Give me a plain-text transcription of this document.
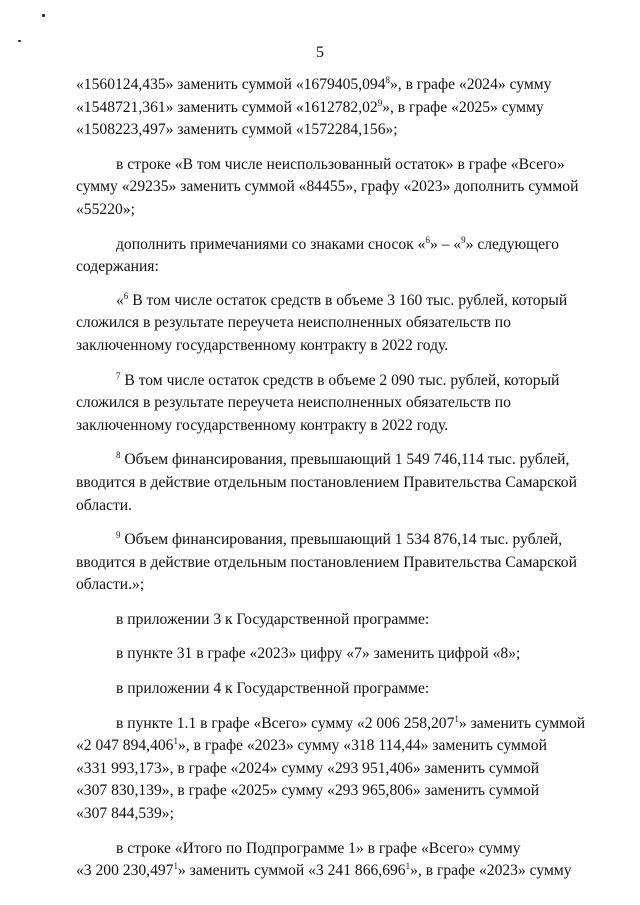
5

«1560124,435» заменить суммой «1679405,094$^8$», в графе «2024» сумму

«1548721,361» заменить суммой «1612782,02$^9$», в графе «2025» сумму

«1508223,497» заменить суммой «1572284,156»;

в строке «В том числе неиспользованный остаток» в графе «Всего»

сумму «29235» заменить суммой «84455», графу «2023» дополнить суммой

«55220»;

дополнить примечаниями со знаками сносок «$^6$» – «$^9$» следующего

содержания:

«$^6$ В том числе остаток средств в объеме 3 160 тыс. рублей, который

сложился в результате переучета неисполненных обязательств по

заключенному государственному контракту в 2022 году.

$^7$ В том числе остаток средств в объеме 2 090 тыс. рублей, который

сложился в результате переучета неисполненных обязательств по

заключенному государственному контракту в 2022 году.

$^8$ Объем финансирования, превышающий 1 549 746,114 тыс. рублей,

вводится в действие отдельным постановлением Правительства Самарской

области.

$^9$ Объем финансирования, превышающий 1 534 876,14 тыс. рублей,

вводится в действие отдельным постановлением Правительства Самарской

области.»;

в приложении 3 к Государственной программе:

в пункте 31 в графе «2023» цифру «7» заменить цифрой «8»;

в приложении 4 к Государственной программе:

в пункте 1.1 в графе «Всего» сумму «2 006 258,207$^1$» заменить суммой

«2 047 894,406$^1$», в графе «2023» сумму «318 114,44» заменить суммой

«331 993,173», в графе «2024» сумму «293 951,406» заменить суммой

«307 830,139», в графе «2025» сумму «293 965,806» заменить суммой

«307 844,539»;

в строке «Итого по Подпрограмме 1» в графе «Всего» сумму

«3 200 230,497$^1$» заменить суммой «3 241 866,696$^1$», в графе «2023» сумму
